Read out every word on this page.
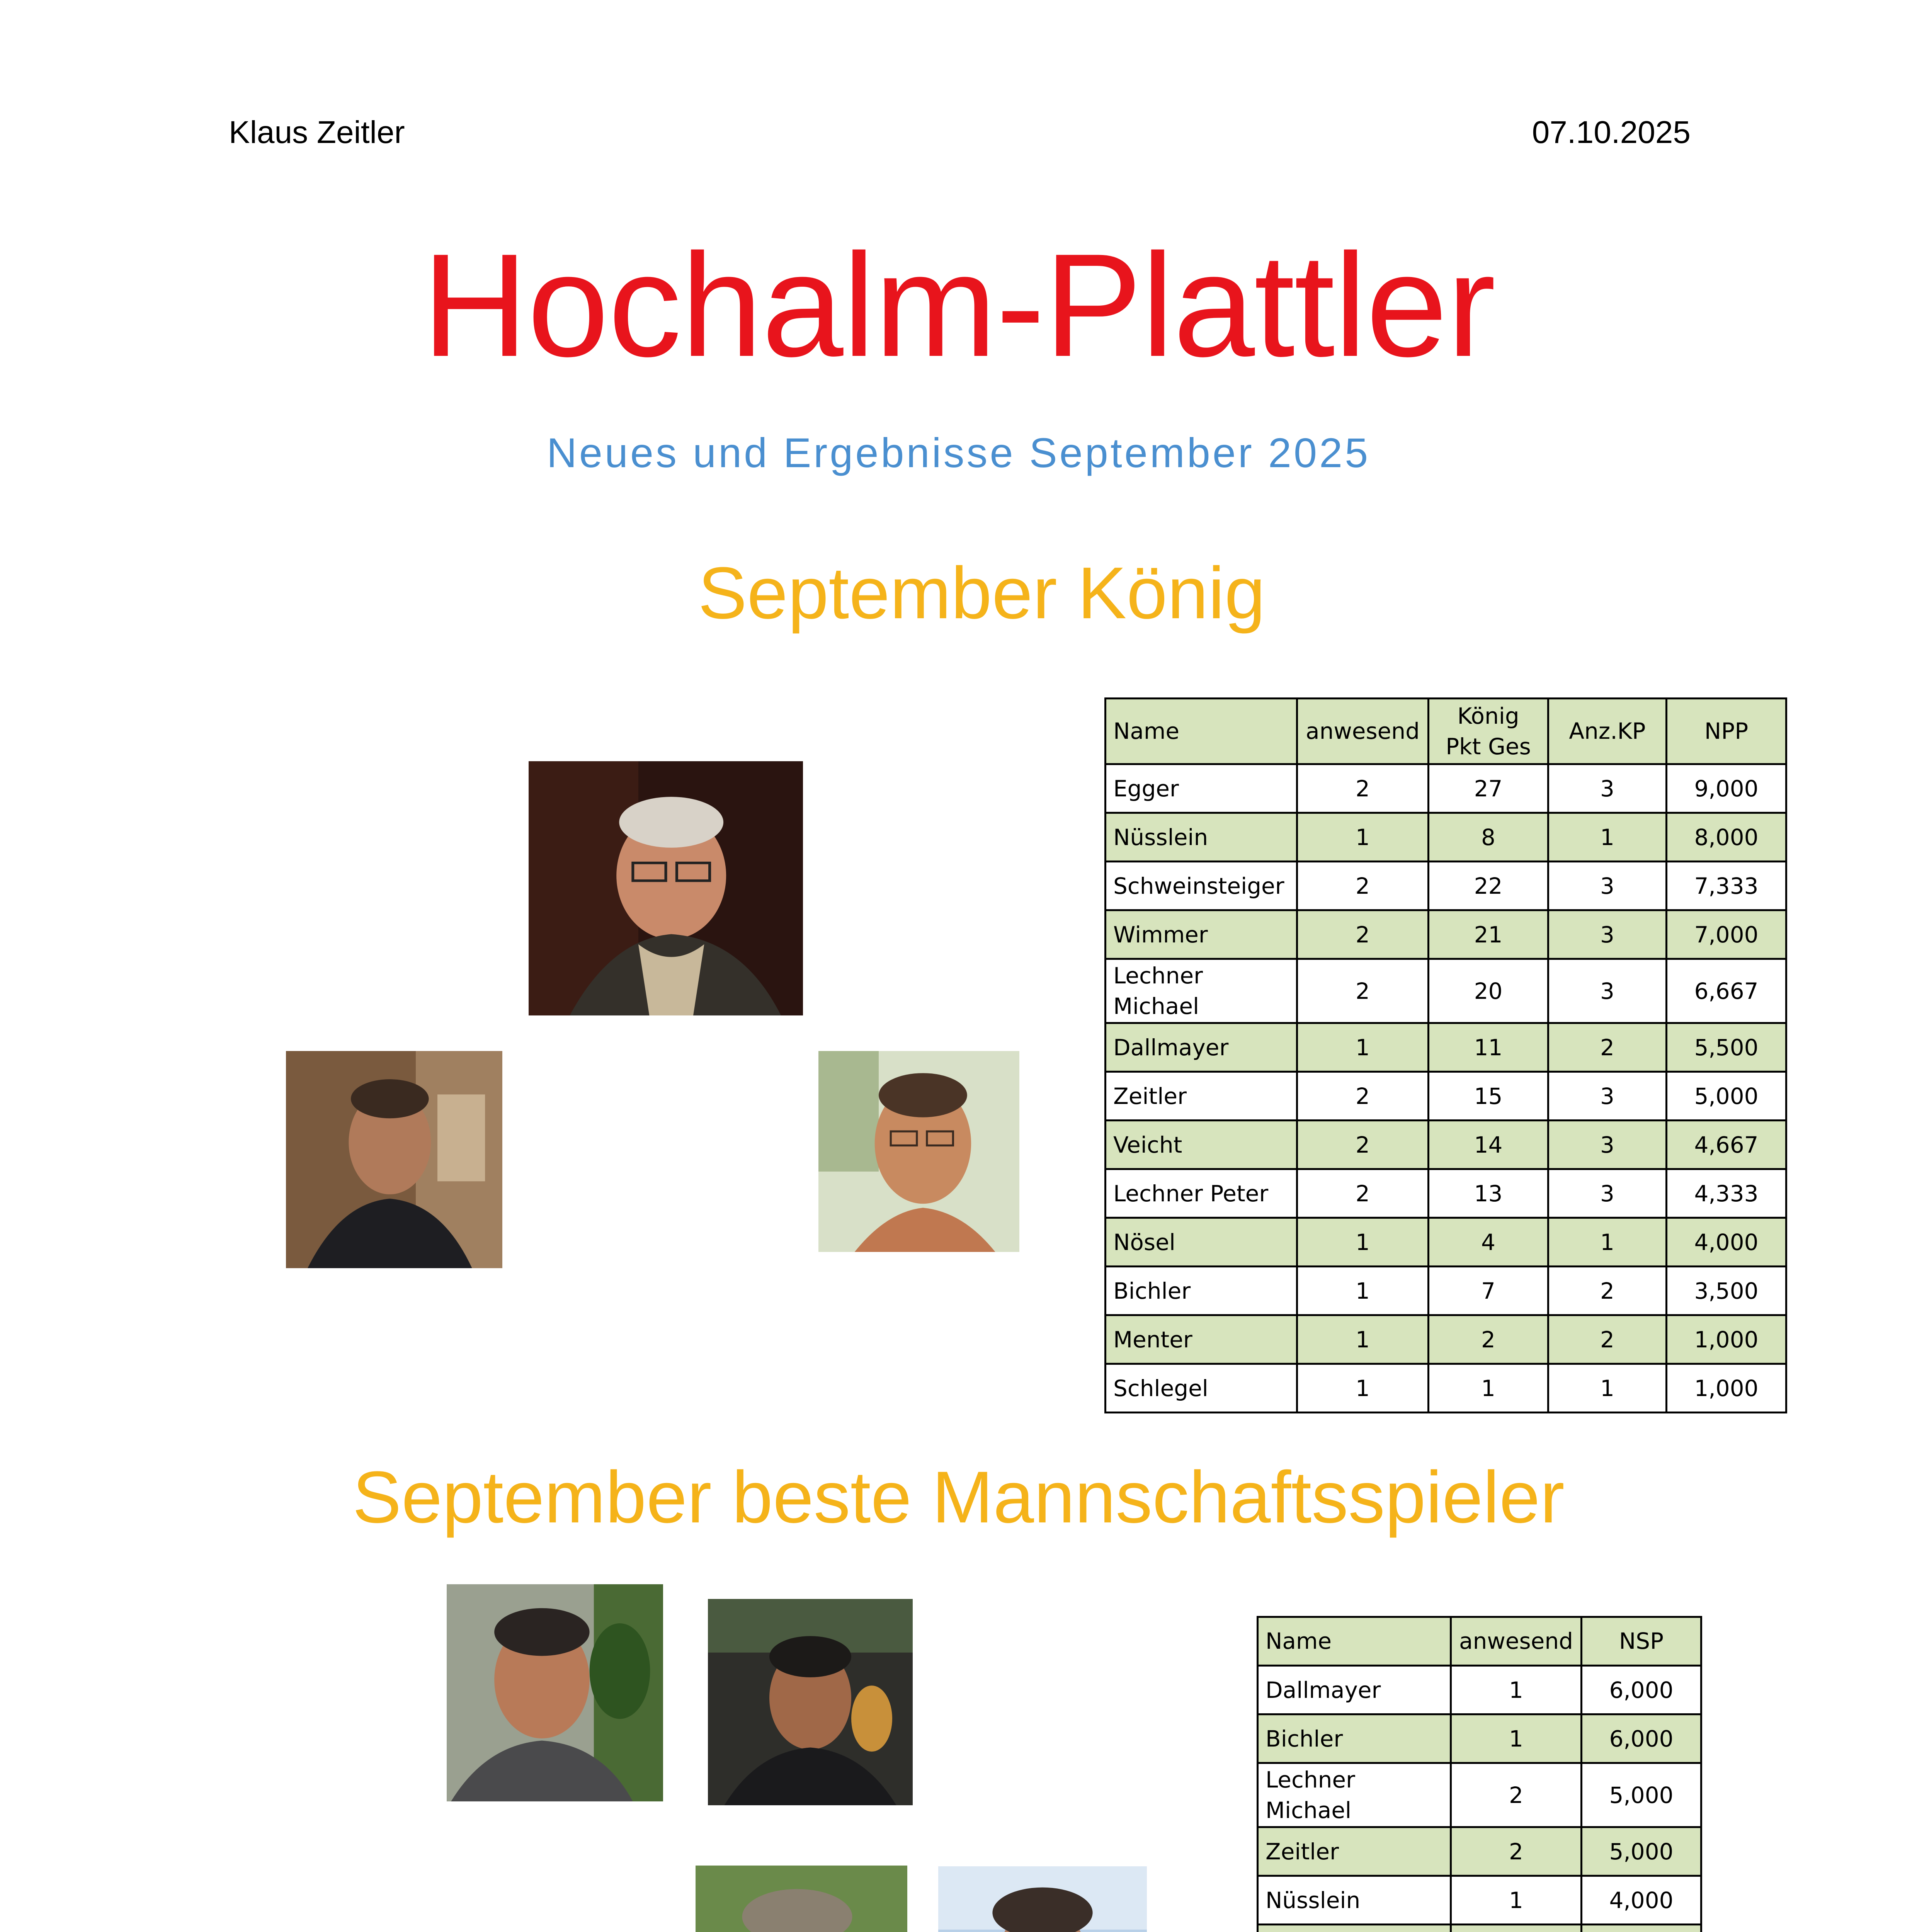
Klaus Zeitler	07.10.2025
Hochalm-Plattler
Neues und Ergebnisse September 2025
September König
Name	anwesend	König Pkt Ges	Anz.KP	NPP
Egger	2	27	3	9,000
Nüsslein	1	8	1	8,000
Schweinsteiger	2	22	3	7,333
Wimmer	2	21	3	7,000
Lechner Michael	2	20	3	6,667
Dallmayer	1	11	2	5,500
Zeitler	2	15	3	5,000
Veicht	2	14	3	4,667
Lechner Peter	2	13	3	4,333
Nösel	1	4	1	4,000
Bichler	1	7	2	3,500
Menter	1	2	2	1,000
Schlegel	1	1	1	1,000
September beste Mannschaftsspieler
Name	anwesend	NSP
Dallmayer	1	6,000
Bichler	1	6,000
Lechner Michael	2	5,000
Zeitler	2	5,000
Nüsslein	1	4,000
